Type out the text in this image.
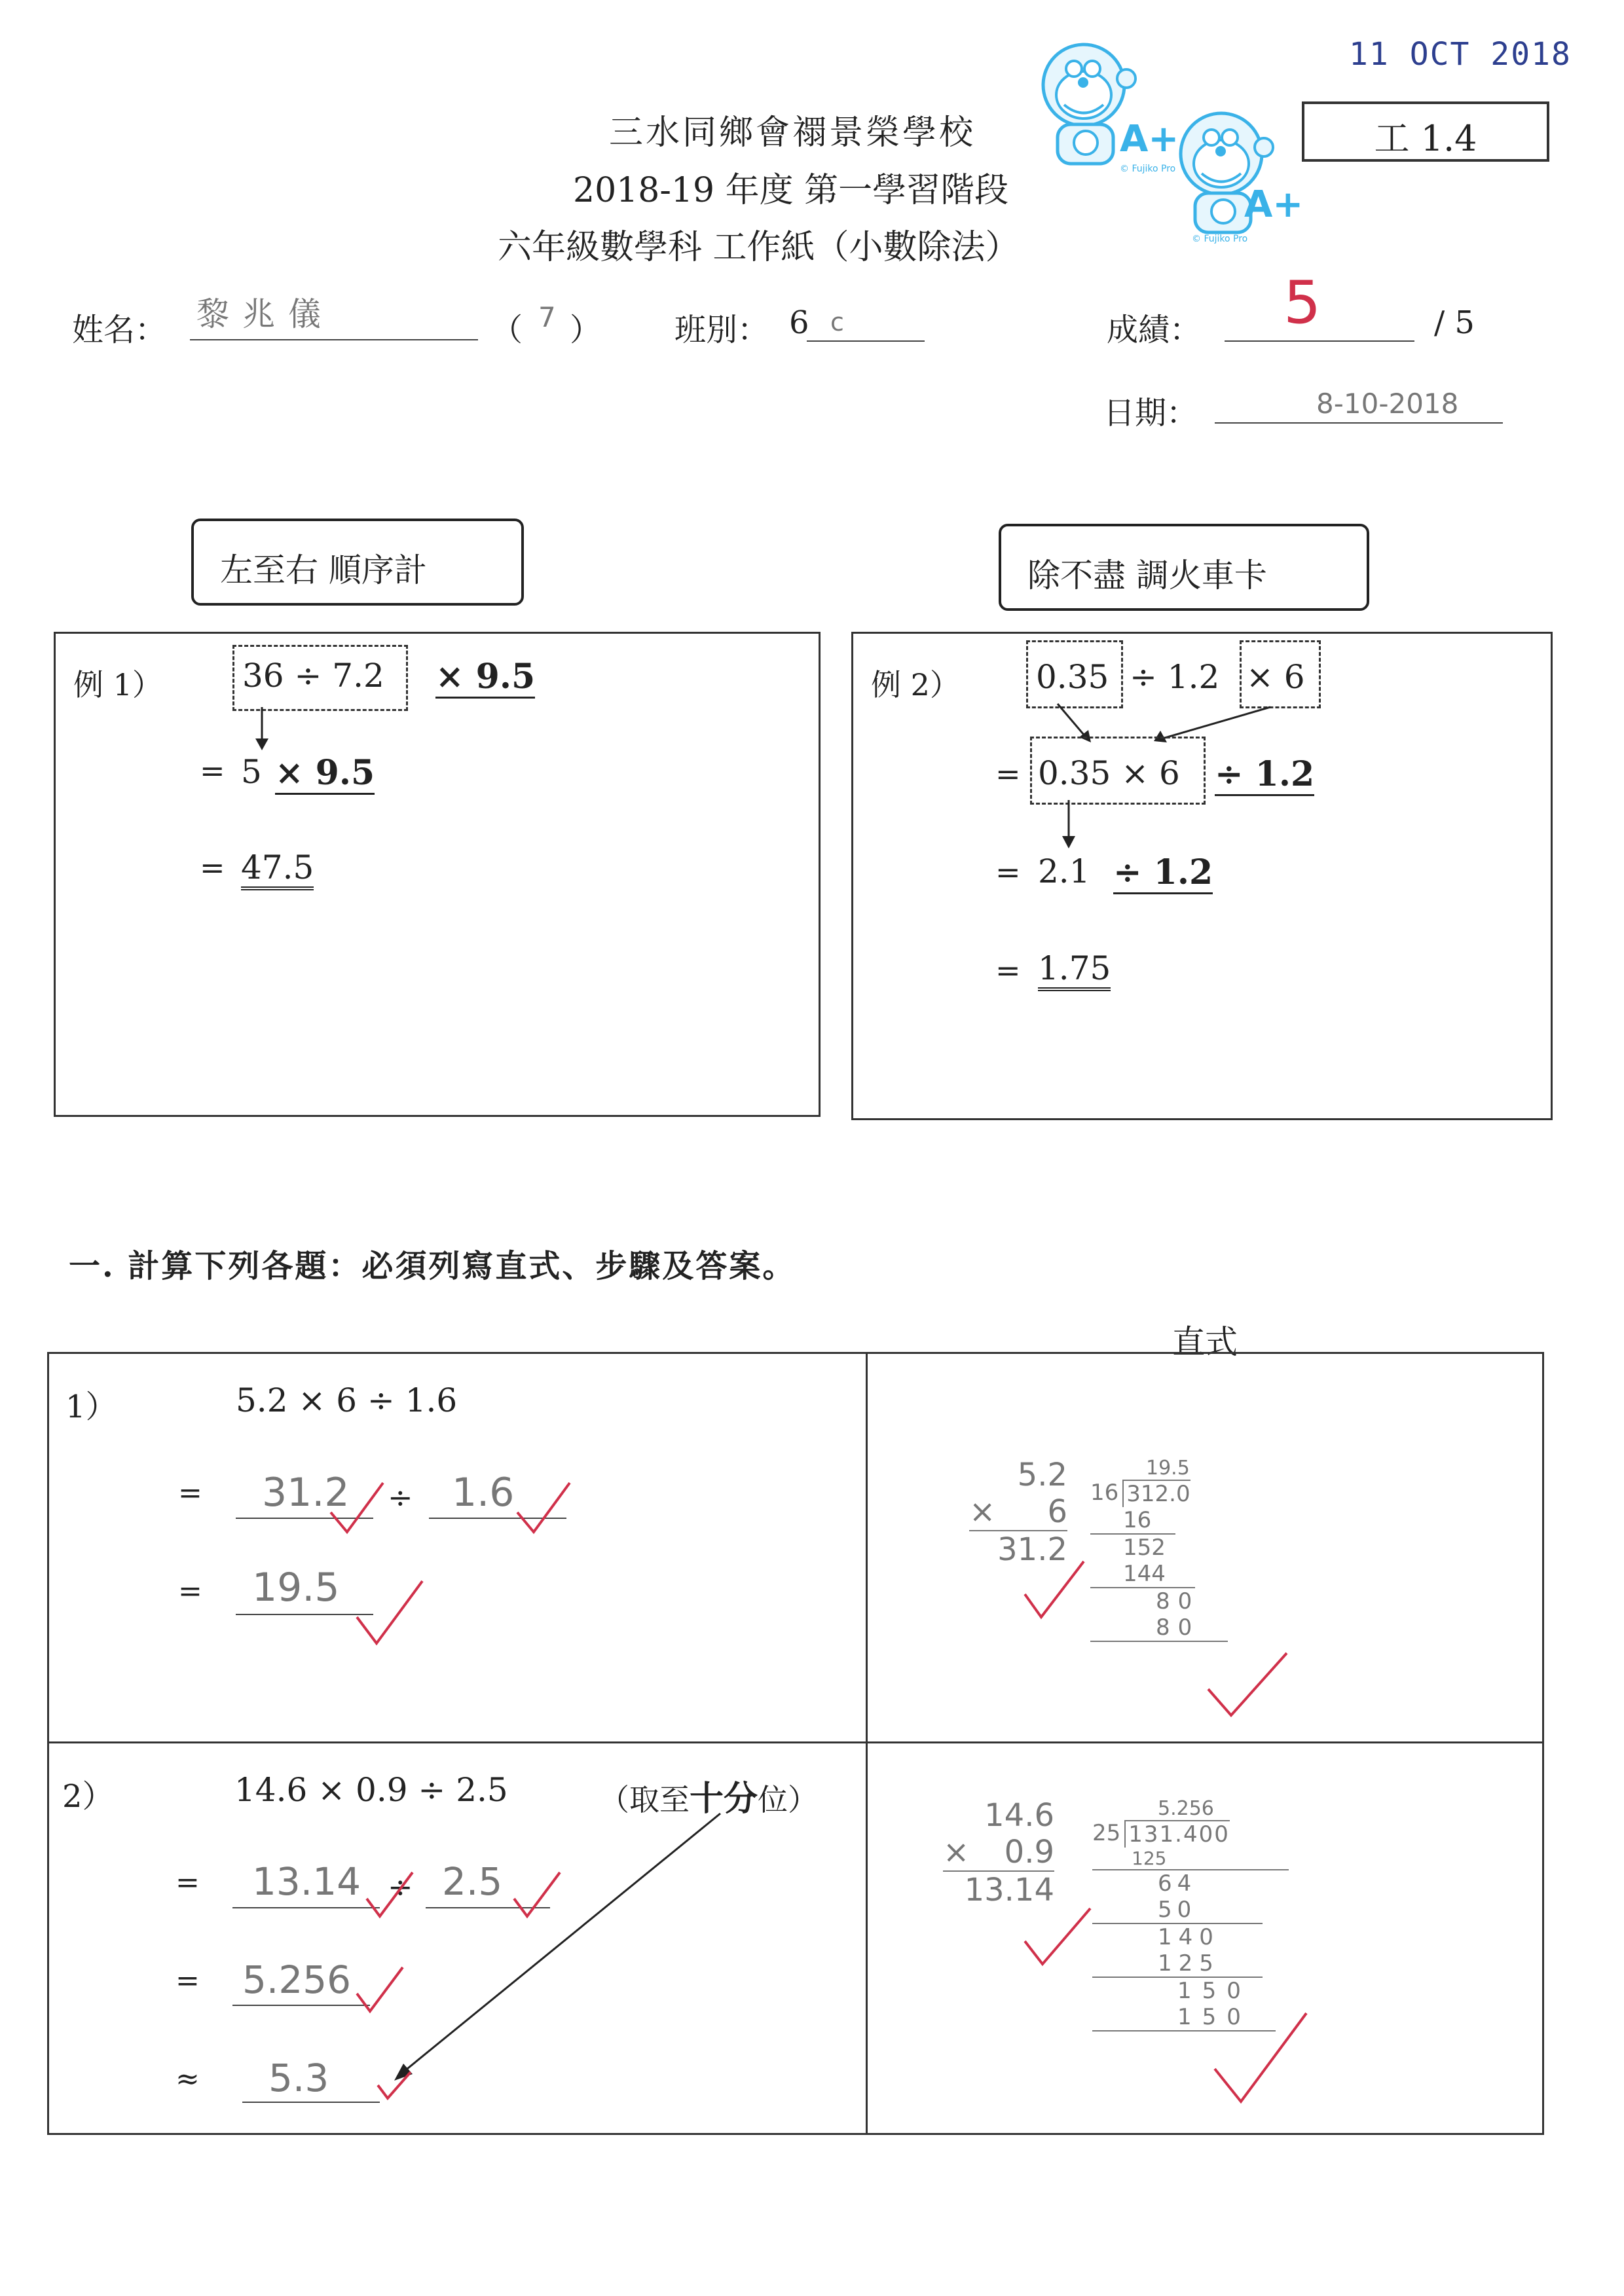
11 OCT 2018
工 1.4
三水同鄉會禤景榮學校
2018-19 年度 第一學習階段
六年級數學科 工作紙（小數除法）
A+
© Fujiko Pro
A+
© Fujiko Pro
姓名： 黎兆儀	（ 7 ） 班別： 6 c	成績： 5	/ 5
日期：	8-10-2018
左至右 順序計	除不盡 調火車卡
例 1） 36 ÷ 7.2 × 9.5
= 5 × 9.5
= 47.5
例 2） 0.35 ÷ 1.2 × 6
= 0.35 × 6 ÷ 1.2
= 2.1 ÷ 1.2
= 1.75
一. 計算下列各題：必須列寫直式、步驟及答案。
直式
1）	5.2 × 6 ÷ 1.6
= 31.2 ÷ 1.6
= 19.5
5.2
× 6
31.2
19.5
16 312.0
16
152
144
80
80
2）	14.6 × 0.9 ÷ 2.5	（取至十分位）
= 13.14 ÷ 2.5
= 5.256
≈ 5.3
14.6
× 0.9
13.14
5.256
25 131.400
125
64
50
140
125
150
150
